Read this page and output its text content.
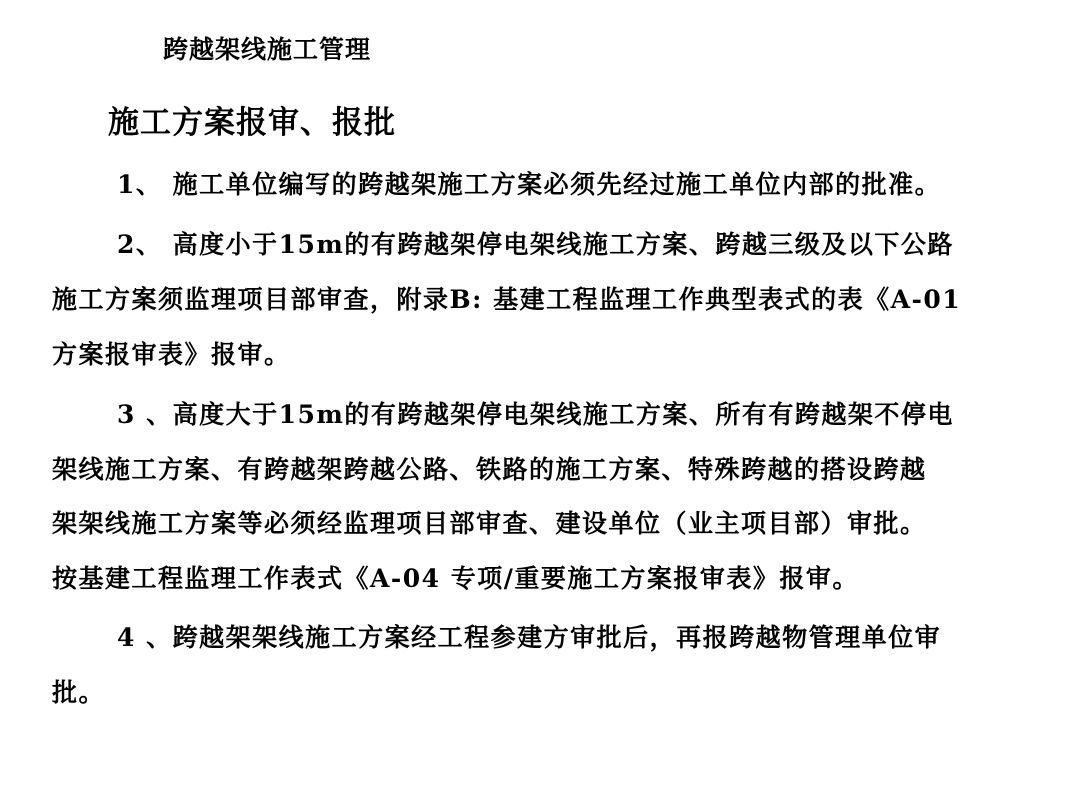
跨越架线施工管理
施工方案报审、报批
1、 施工单位编写的跨越架施工方案必须先经过施工单位内部的批准。
2、 高度小于15m的有跨越架停电架线施工方案、跨越三级及以下公路
施工方案须监理项目部审查，附录B: 基建工程监理工作典型表式的表《A-01
方案报审表》报审。
3 、高度大于15m的有跨越架停电架线施工方案、所有有跨越架不停电
架线施工方案、有跨越架跨越公路、铁路的施工方案、特殊跨越的搭设跨越
架架线施工方案等必须经监理项目部审查、建设单位（业主项目部）审批。
按基建工程监理工作表式《A-04 专项/重要施工方案报审表》报审。
4 、跨越架架线施工方案经工程参建方审批后，再报跨越物管理单位审
批。
